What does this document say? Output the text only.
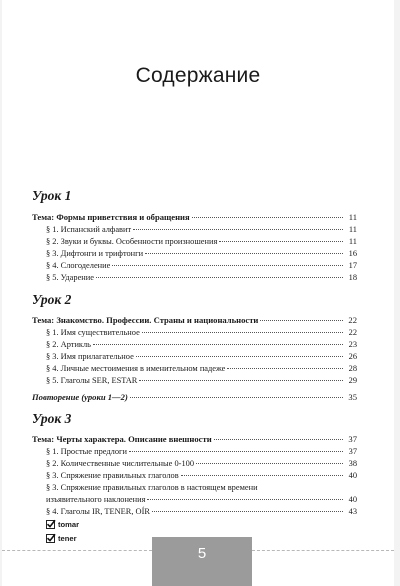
Содержание
Урок 1
Тема: Формы приветствия и обращения	11
§ 1. Испанский алфавит	11
§ 2. Звуки и буквы. Особенности произношения	11
§ 3. Дифтонги и трифтонги	16
§ 4. Слогоделение	17
§ 5. Ударение	18
Урок 2
Тема: Знакомство. Профессии. Страны и национальности	22
§ 1. Имя существительное	22
§ 2. Артикль	23
§ 3. Имя прилагательное	26
§ 4. Личные местоимения в именительном падеже	28
§ 5. Глаголы SER, ESTAR	29
Повторение (уроки 1—2)	35
Урок 3
Тема: Черты характера. Описание внешности	37
§ 1. Простые предлоги	37
§ 2. Количественные числительные 0-100	38
§ 3. Спряжение правильных глаголов	40
§ 3. Спряжение правильных глаголов в настоящем времени
изъявительного наклонения	40
§ 4. Глаголы IR, TENER, OÍR	43
tomar
tener
5
